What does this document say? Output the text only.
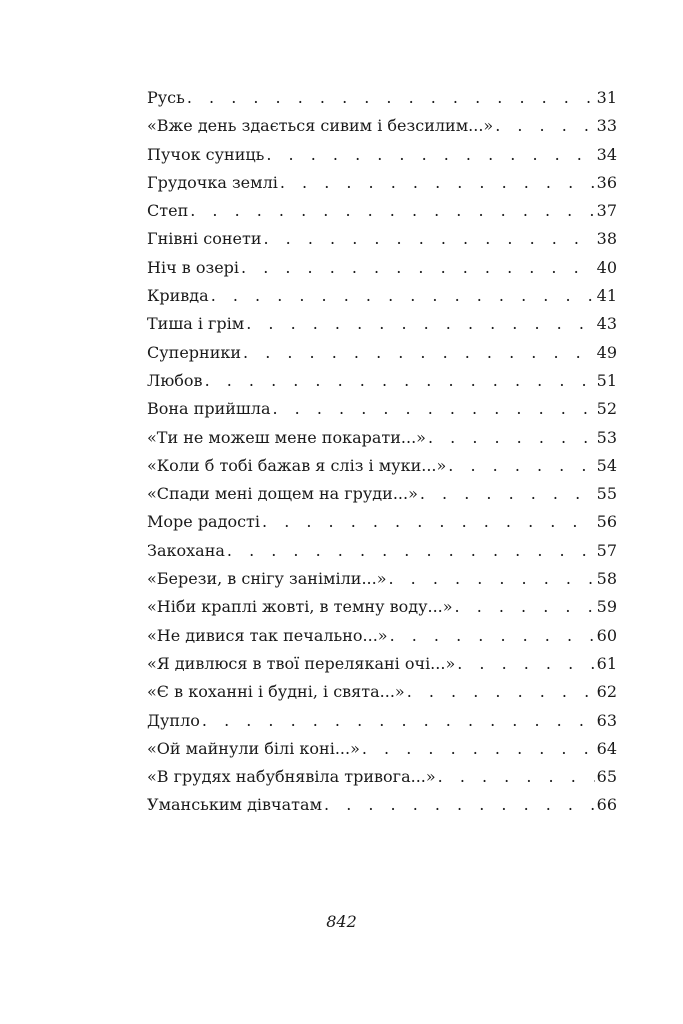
Русь . . .	31
«Вже день здається сивим і безсилим...» . . .	33
Пучок суниць . . .	34
Грудочка землі . . .	36
Степ . . .	37
Гнівні сонети . . .	38
Ніч в озері . . .	40
Кривда . . .	41
Тиша і грім . . .	43
Суперники . . .	49
Любов . . .	51
Вона прийшла . . .	52
«Ти не можеш мене покарати...» . . .	53
«Коли б тобі бажав я сліз і муки...» . . .	54
«Спади мені дощем на груди...» . . .	55
Море радості . . .	56
Закохана . . .	57
«Берези, в снігу заніміли...» . . .	58
«Ніби краплі жовті, в темну воду...» . . .	59
«Не дивися так печально...» . . .	60
«Я дивлюся в твої перелякані очі...» . . .	61
«Є в коханні і будні, і свята...» . . .	62
Дупло . . .	63
«Ой майнули білі коні...» . . .	64
«В грудях набубнявіла тривога...» . . .	65
Уманським дівчатам . . .	66
842
